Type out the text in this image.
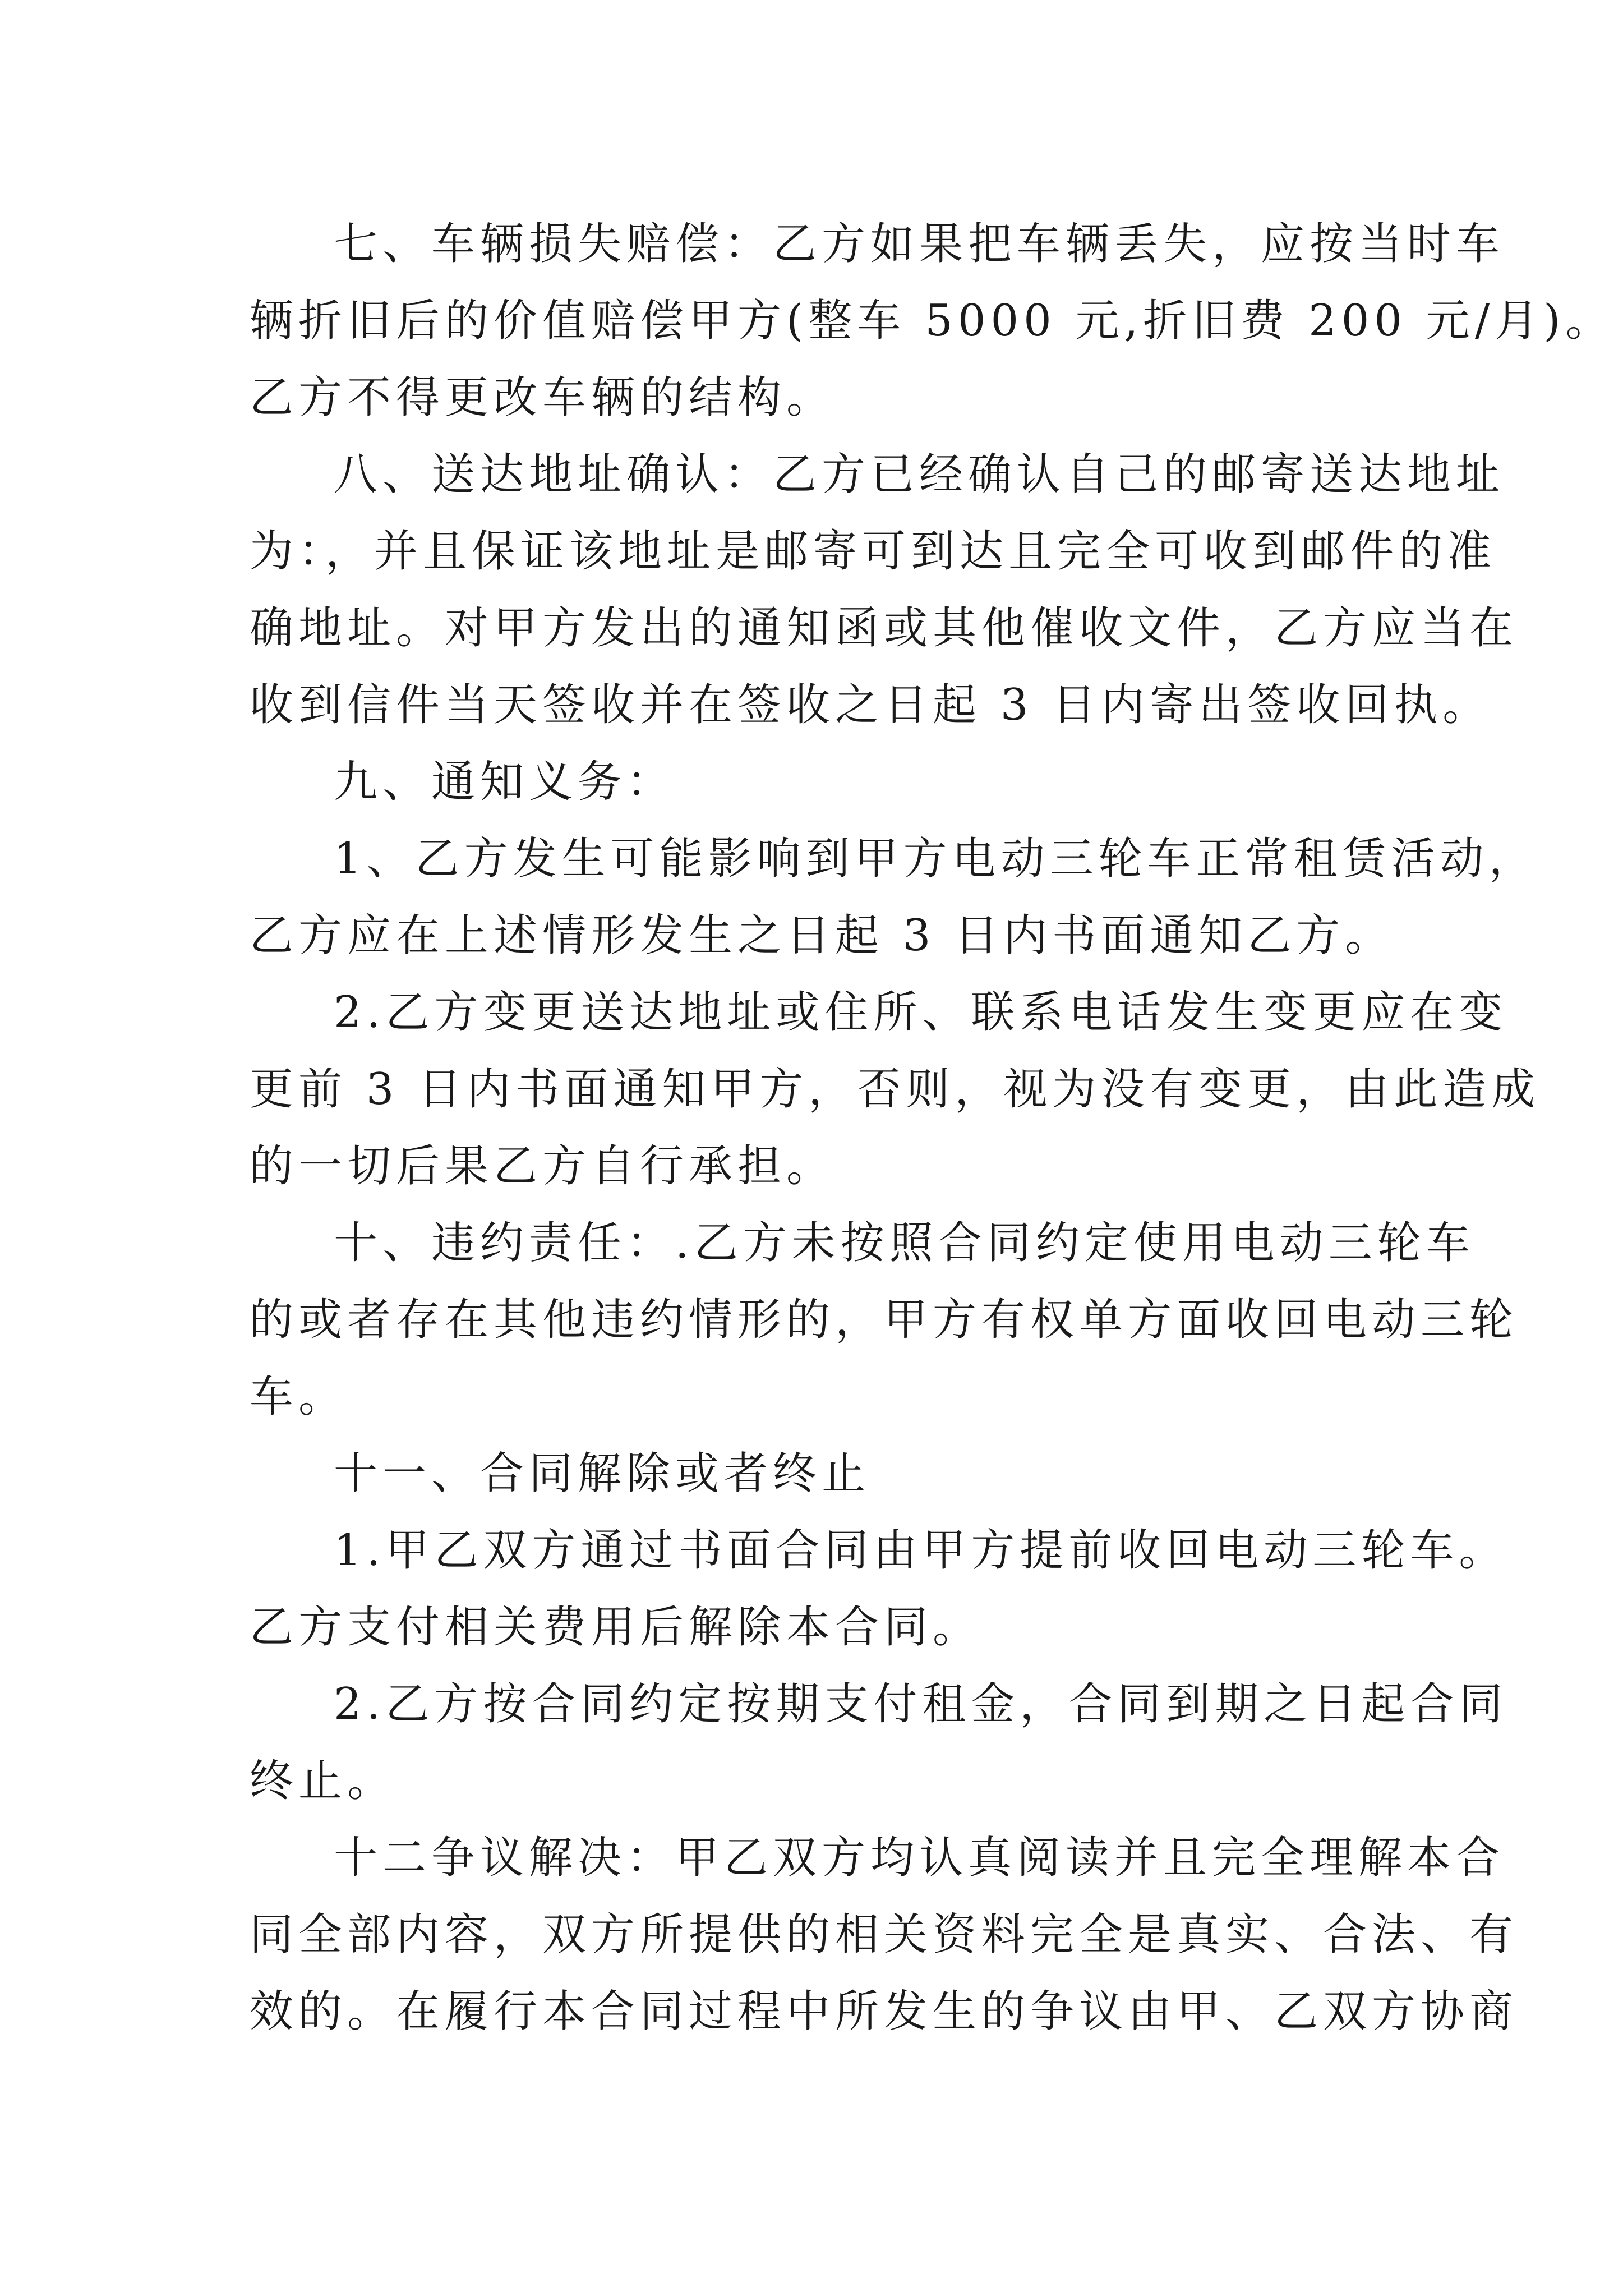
七、车辆损失赔偿：乙方如果把车辆丢失，应按当时车

辆折旧后的价值赔偿甲方(整车 5000 元,折旧费 200 元/月)。

乙方不得更改车辆的结构。

八、送达地址确认：乙方已经确认自己的邮寄送达地址

为：，并且保证该地址是邮寄可到达且完全可收到邮件的准

确地址。对甲方发出的通知函或其他催收文件，乙方应当在

收到信件当天签收并在签收之日起 3 日内寄出签收回执。

九、通知义务：

1、乙方发生可能影响到甲方电动三轮车正常租赁活动，

乙方应在上述情形发生之日起 3 日内书面通知乙方。

2.乙方变更送达地址或住所、联系电话发生变更应在变

更前 3 日内书面通知甲方，否则，视为没有变更，由此造成

的一切后果乙方自行承担。

十、违约责任：.乙方未按照合同约定使用电动三轮车

的或者存在其他违约情形的，甲方有权单方面收回电动三轮

车。

十一、合同解除或者终止

1.甲乙双方通过书面合同由甲方提前收回电动三轮车。

乙方支付相关费用后解除本合同。

2.乙方按合同约定按期支付租金，合同到期之日起合同

终止。

十二争议解决：甲乙双方均认真阅读并且完全理解本合

同全部内容，双方所提供的相关资料完全是真实、合法、有

效的。在履行本合同过程中所发生的争议由甲、乙双方协商
